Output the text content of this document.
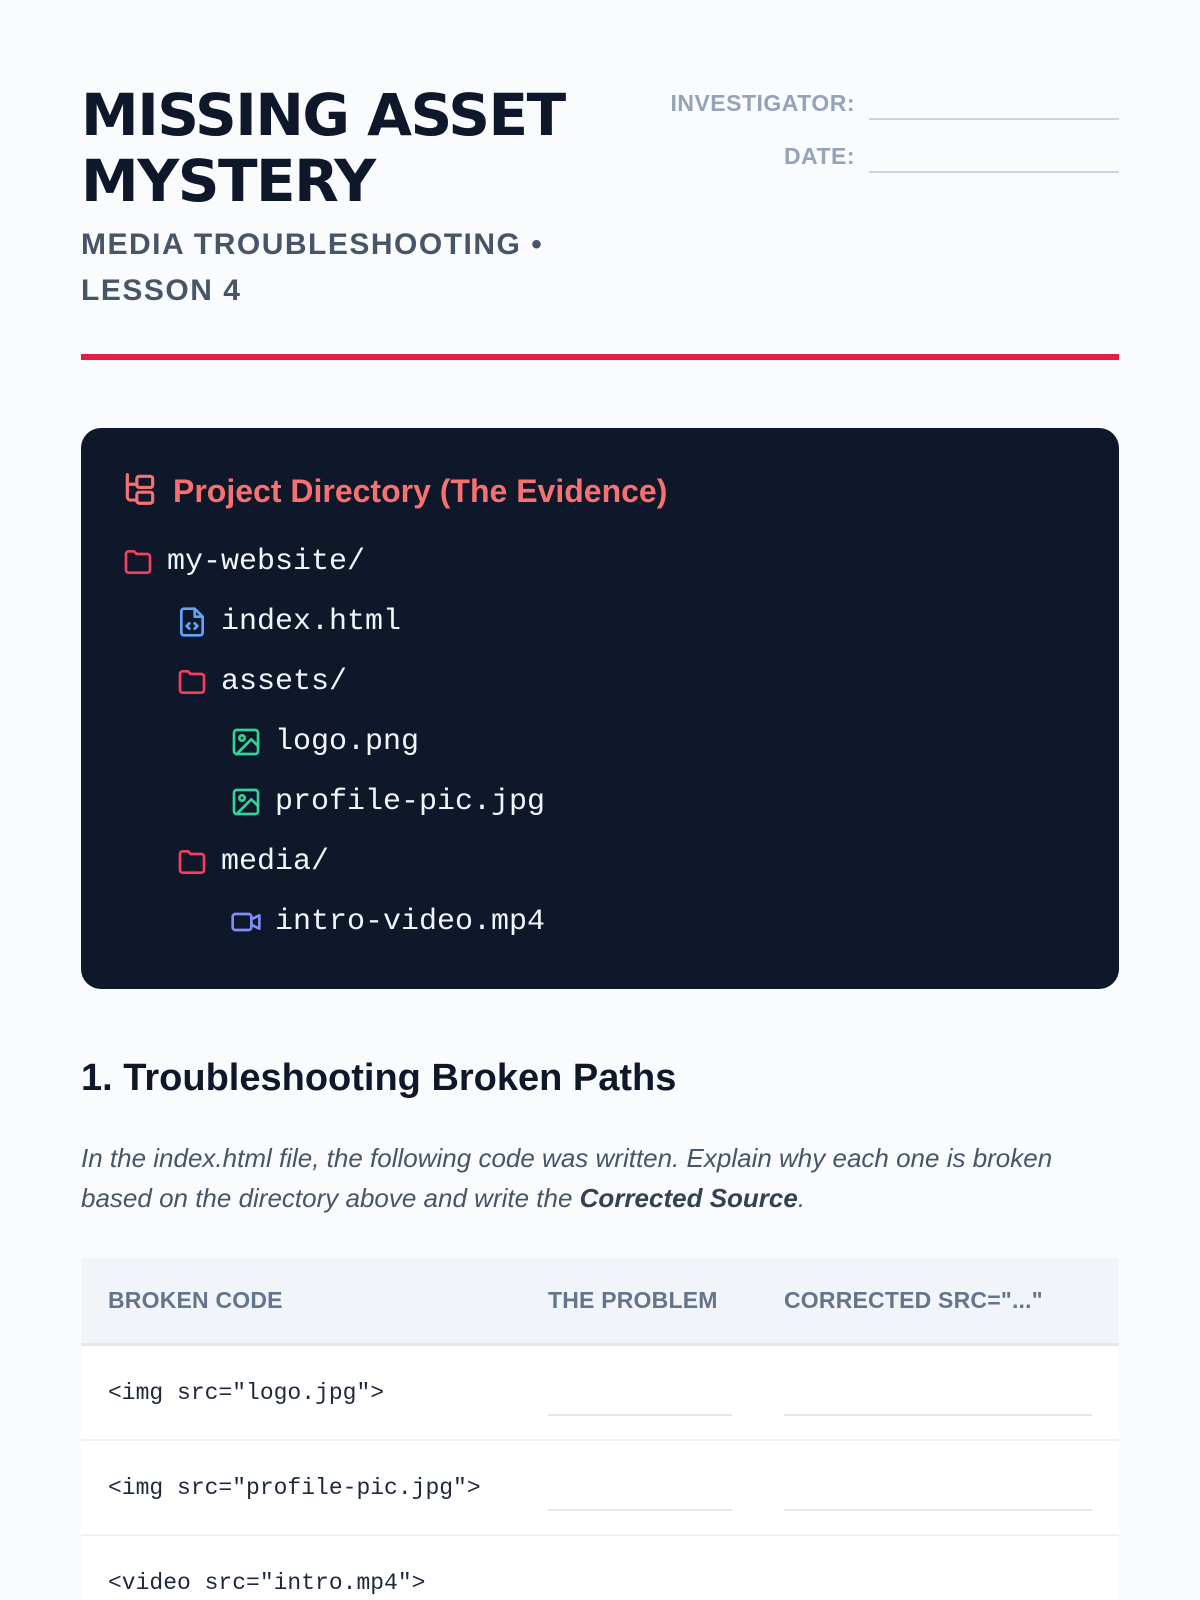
MISSING ASSET MYSTERY
MEDIA TROUBLESHOOTING • LESSON 4
INVESTIGATOR:
DATE:
Project Directory (The Evidence)
my-website/
index.html
assets/
logo.png
profile-pic.jpg
media/
intro-video.mp4
1. Troubleshooting Broken Paths

In the index.html file, the following code was written. Explain why each one is broken based on the directory above and write the Corrected Source.

BROKEN CODE	THE PROBLEM	CORRECTED SRC="..."
<img src="logo.jpg">
<img src="profile-pic.jpg">
<video src="intro.mp4">
